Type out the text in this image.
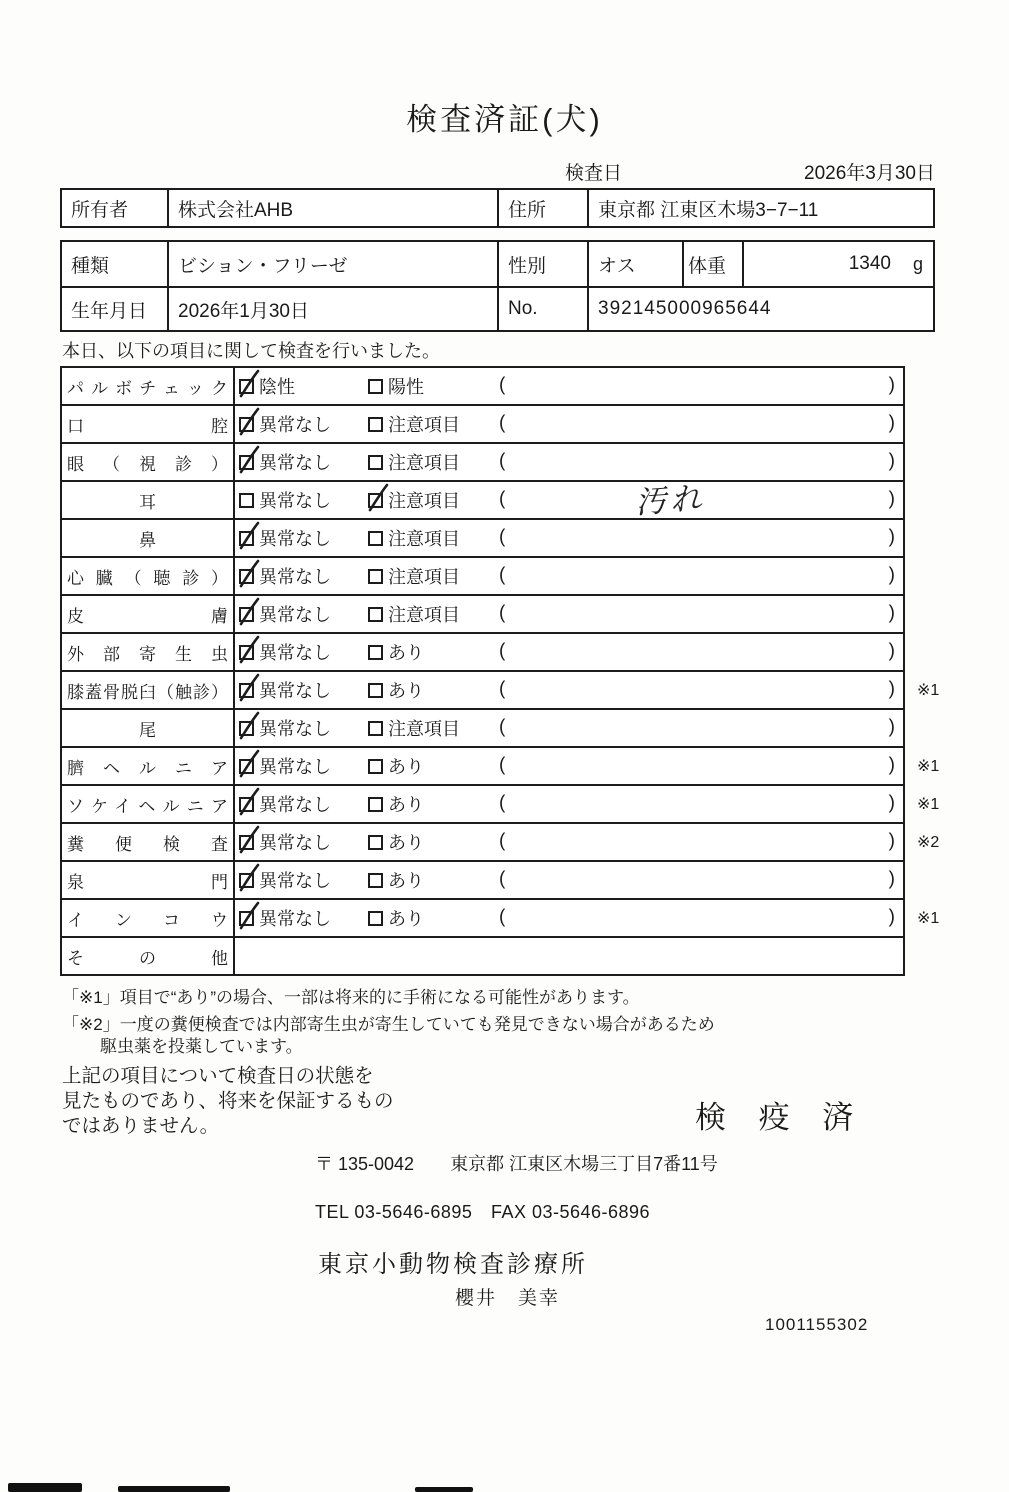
検査済証(犬)
検査日	2026年3月30日
所有者	株式会社AHB	住所	東京都 江東区木場3−7−11
種類	ビション・フリーゼ	性別	オス	体重	1340 g
生年月日	2026年1月30日	No.	392145000965644
本日、以下の項目に関して検査を行いました。
パルボチェック 陰性	陽性	(	)
口腔 異常なし	注意項目 (	)
眼（視診） 異常なし	注意項目 (	)
耳	異常なし	注意項目 (	汚れ	)
鼻	異常なし	注意項目 (	)
心臓（聴診） 異常なし	注意項目 (	)
皮膚 異常なし	注意項目 (	)
外部寄生虫 異常なし	あり	(	)
膝蓋骨脱臼（触診） 異常なし	あり	(	) ※1
尾	異常なし	注意項目 (	)
臍ヘルニア 異常なし	あり	(	) ※1
ソケイヘルニア 異常なし	あり	(	) ※1
糞便検査 異常なし	あり	(	) ※2
泉門 異常なし	あり	(	)
インコウ 異常なし	あり	(	) ※1
その他
「※1」項目で“あり”の場合、一部は将来的に手術になる可能性があります。
「※2」一度の糞便検査では内部寄生虫が寄生していても発見できない場合があるため
駆虫薬を投薬しています。
上記の項目について検査日の状態を
見たものであり、将来を保証するもの
ではありません。	検 疫 済
〒 135-0042　　東京都 江東区木場三丁目7番11号
TEL 03-5646-6895　FAX 03-5646-6896
東京小動物検査診療所
櫻井　美幸
1001155302
